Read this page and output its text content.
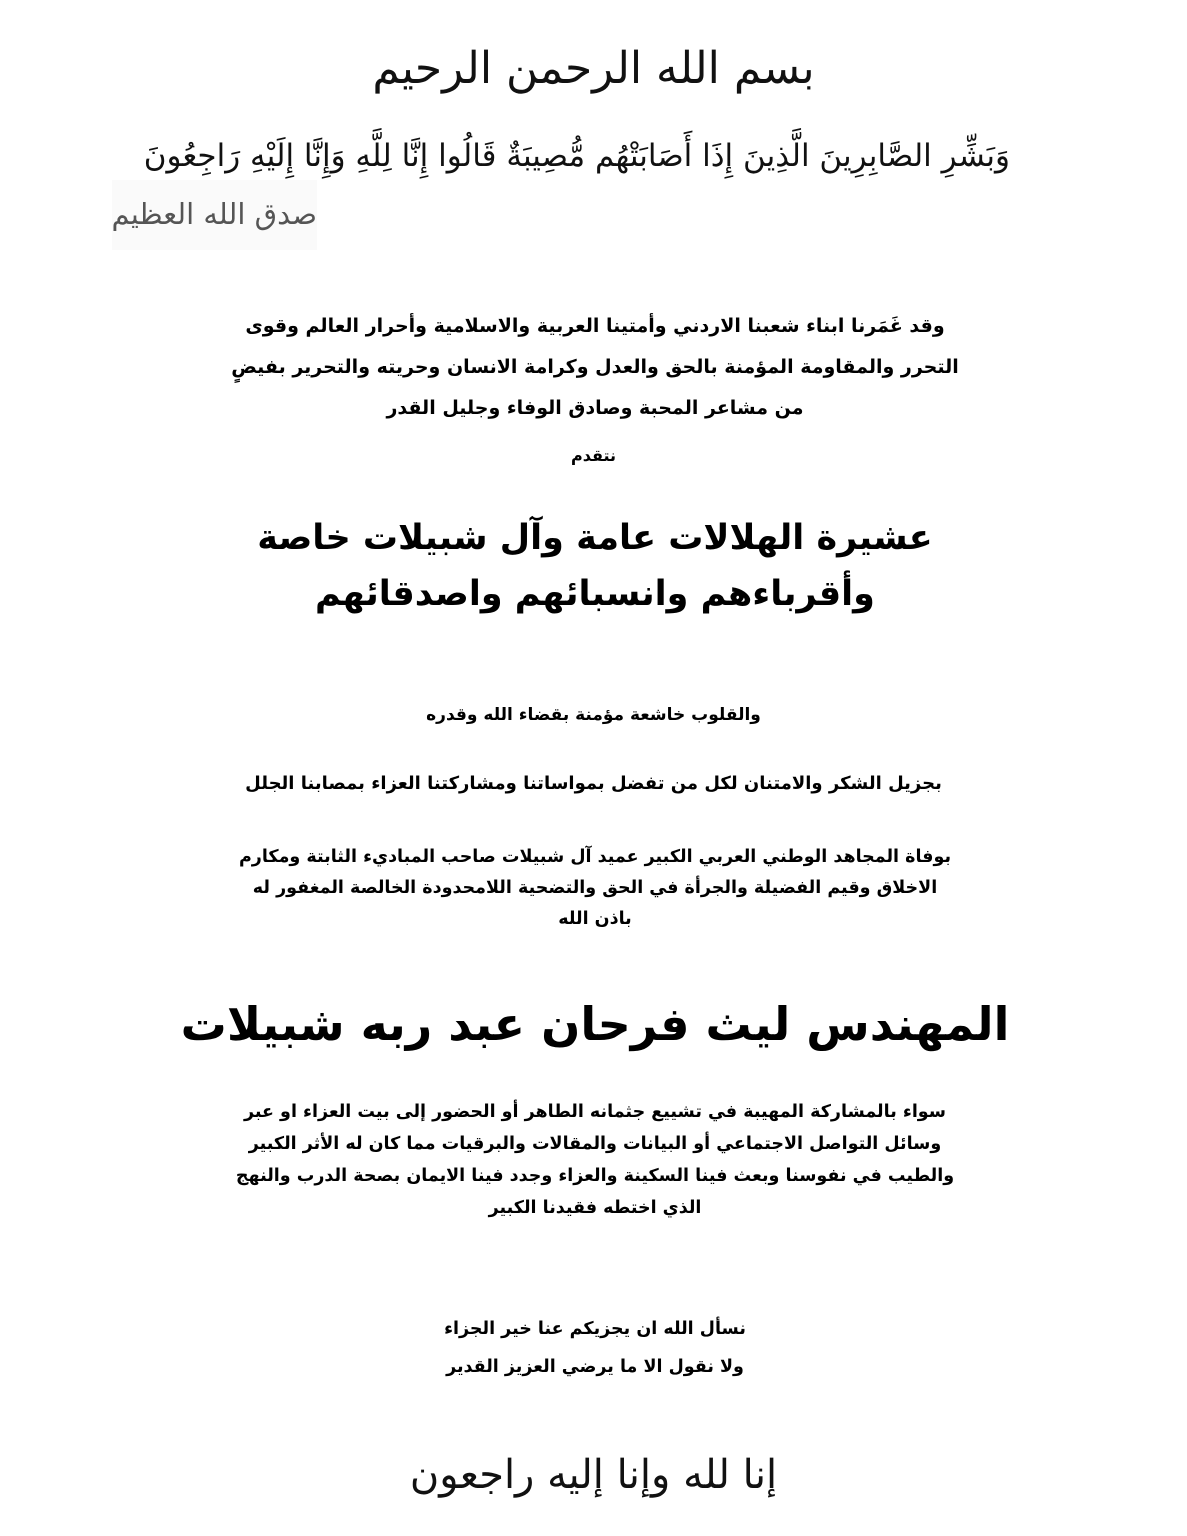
بسم الله الرحمن الرحيم
وَبَشِّرِ الصَّابِرِينَ الَّذِينَ إِذَا أَصَابَتْهُم مُّصِيبَةٌ قَالُوا إِنَّا لِلَّهِ وَإِنَّا إِلَيْهِ رَاجِعُونَ
صدق الله العظيم
وقد غَمَرنا ابناء شعبنا الاردني وأمتينا العربية والاسلامية وأحرار العالم وقوى
التحرر والمقاومة المؤمنة بالحق والعدل وكرامة الانسان وحريته والتحرير بفيضٍ
من مشاعر المحبة وصادق الوفاء وجليل القدر
نتقدم
عشيرة الهلالات عامة وآل شبيلات خاصة
وأقرباءهم وانسبائهم واصدقائهم
والقلوب خاشعة مؤمنة بقضاء الله وقدره
بجزيل الشكر والامتنان لكل من تفضل بمواساتنا ومشاركتنا العزاء بمصابنا الجلل
بوفاة المجاهد الوطني العربي الكبير عميد آل شبيلات صاحب المباديء الثابتة ومكارم
الاخلاق وقيم الفضيلة والجرأة في الحق والتضحية اللامحدودة الخالصة المغفور له
باذن الله
المهندس ليث فرحان عبد ربه شبيلات
سواء بالمشاركة المهيبة في تشييع جثمانه الطاهر أو الحضور إلى بيت العزاء او عبر
وسائل التواصل الاجتماعي أو البيانات والمقالات والبرقيات مما كان له الأثر الكبير
والطيب في نفوسنا وبعث فينا السكينة والعزاء وجدد فينا الايمان بصحة الدرب والنهج
الذي اختطه فقيدنا الكبير
نسأل الله ان يجزيكم عنا خير الجزاء
ولا نقول الا ما يرضي العزيز القدير
إنا لله وإنا إليه راجعون
